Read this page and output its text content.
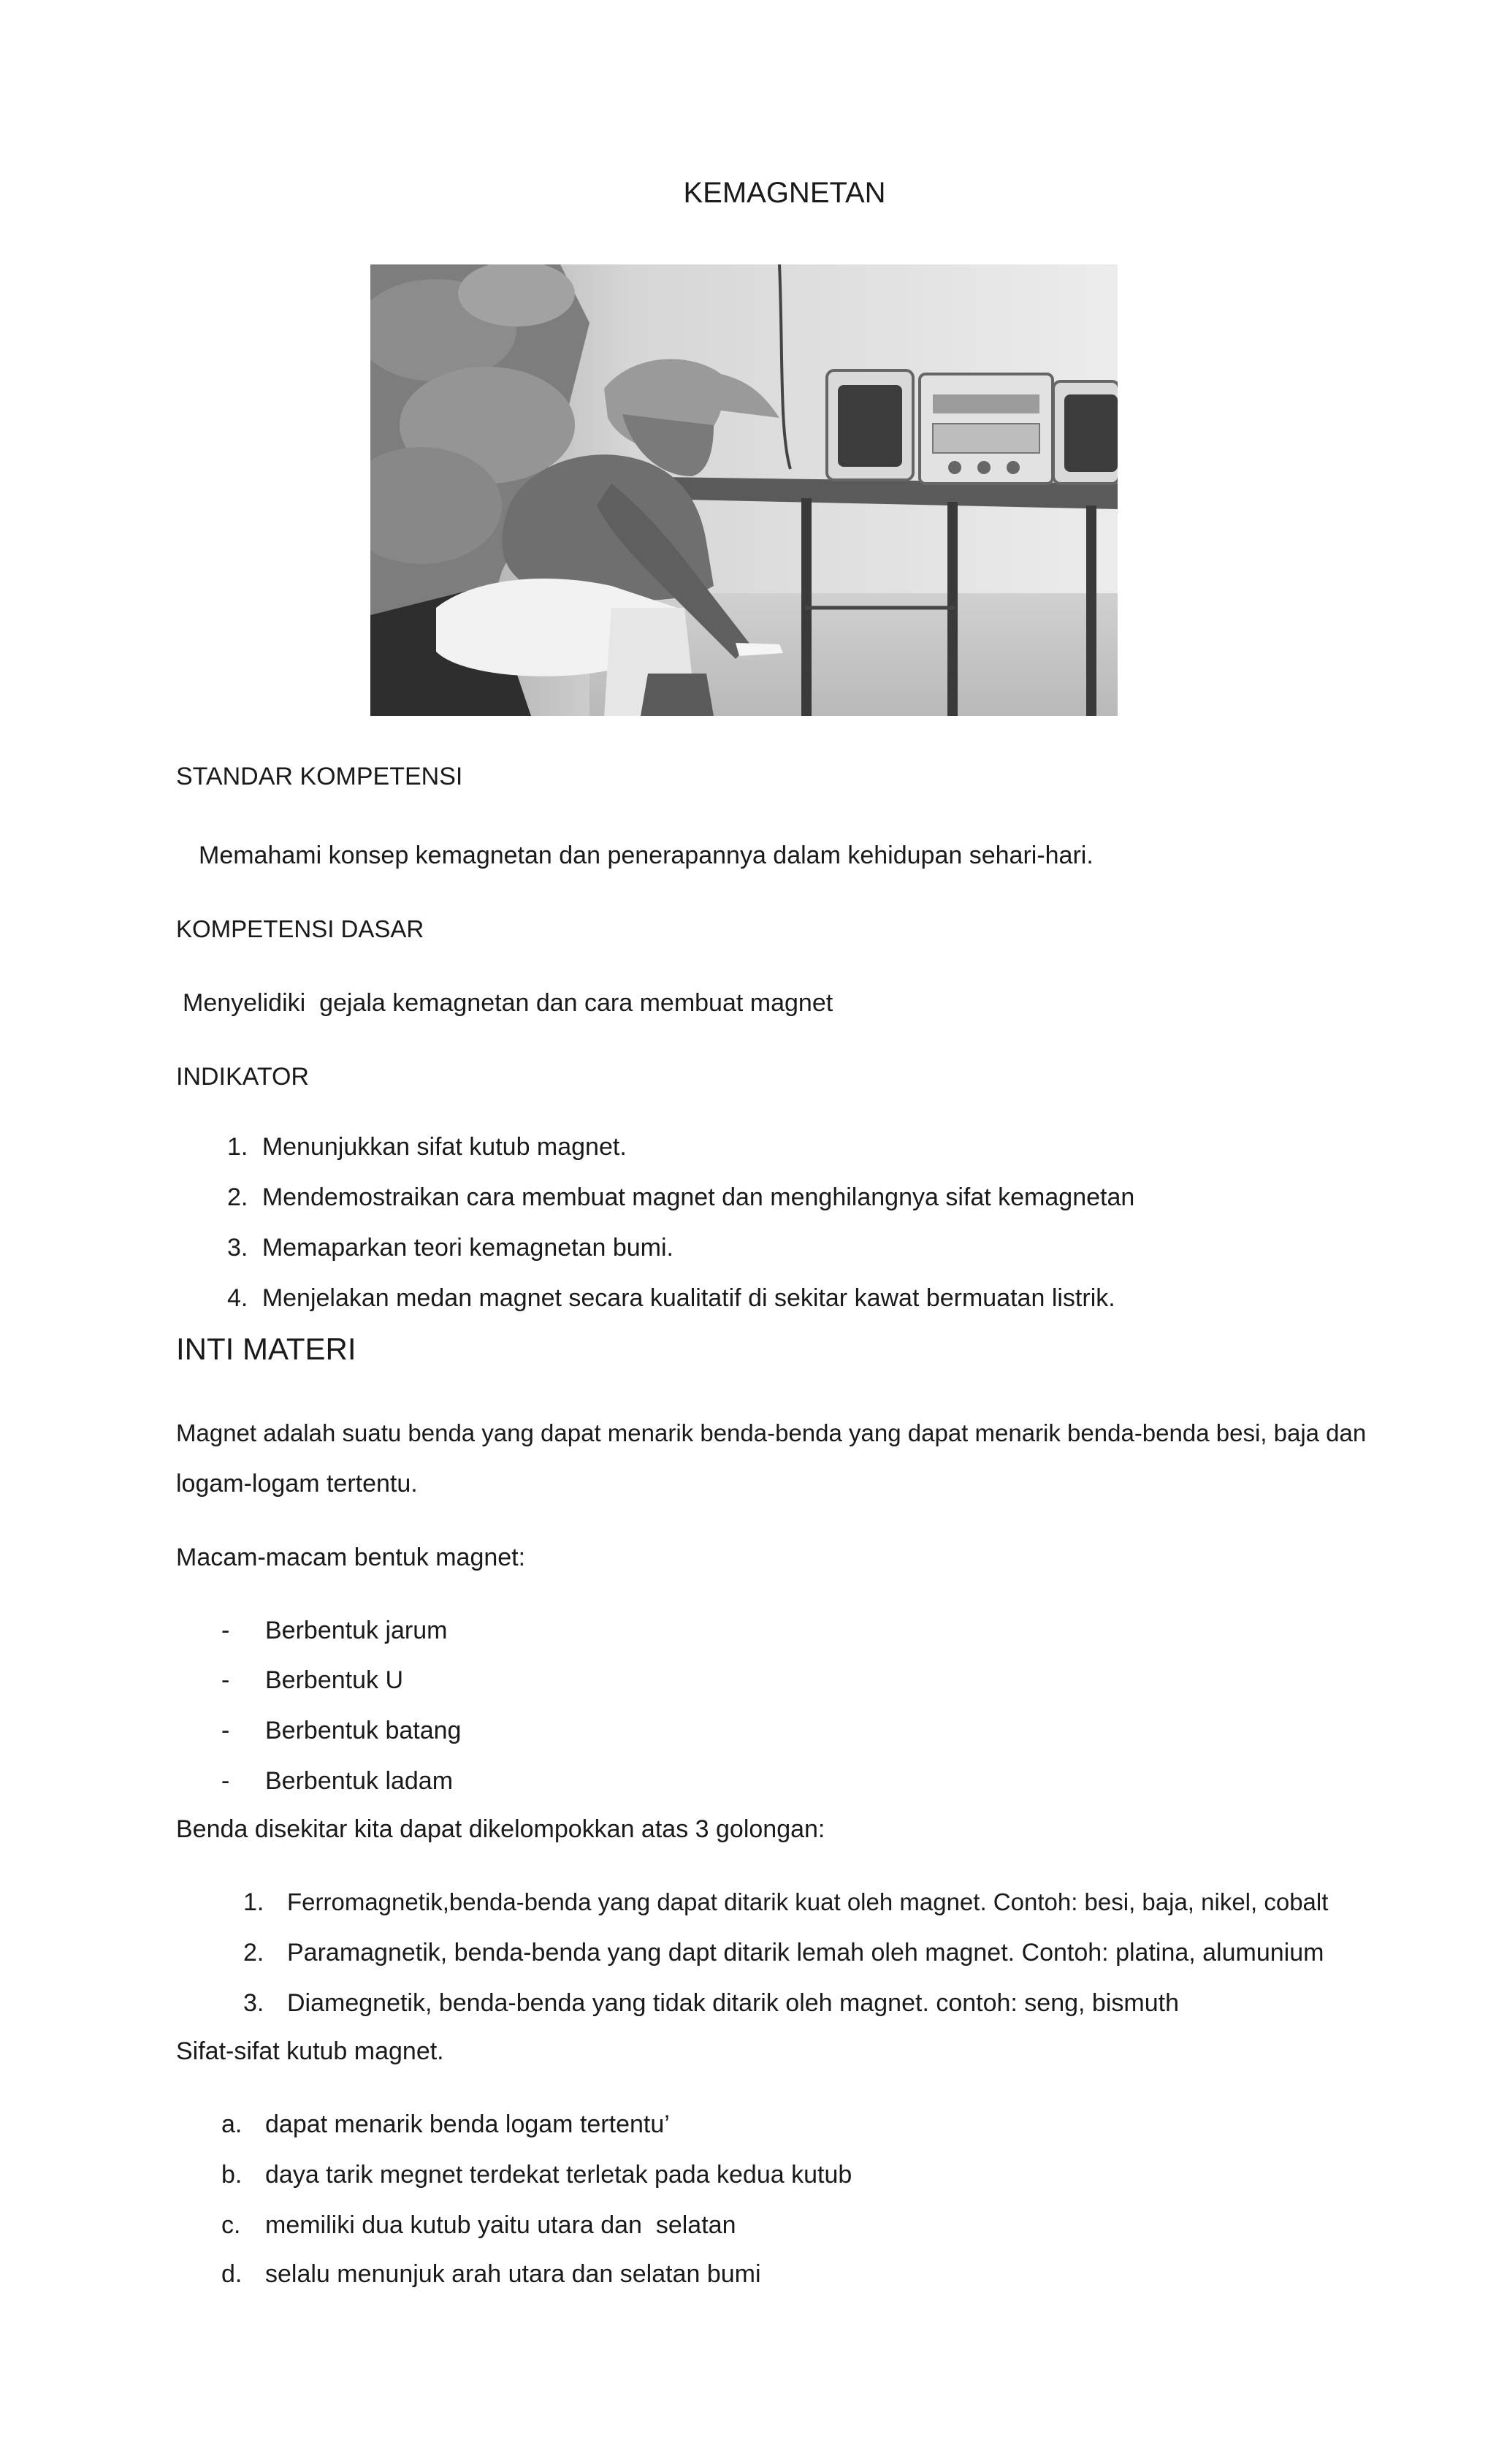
KEMAGNETAN
STANDAR KOMPETENSI
Memahami konsep kemagnetan dan penerapannya dalam kehidupan sehari-hari.
KOMPETENSI DASAR
Menyelidiki  gejala kemagnetan dan cara membuat magnet
INDIKATOR
1. Menunjukkan sifat kutub magnet.
2. Mendemostraikan cara membuat magnet dan menghilangnya sifat kemagnetan
3. Memaparkan teori kemagnetan bumi.
4. Menjelakan medan magnet secara kualitatif di sekitar kawat bermuatan listrik.
INTI MATERI
Magnet adalah suatu benda yang dapat menarik benda-benda yang dapat menarik benda-benda besi, baja dan
logam-logam tertentu.
Macam-macam bentuk magnet:
- Berbentuk jarum
- Berbentuk U
- Berbentuk batang
- Berbentuk ladam
Benda disekitar kita dapat dikelompokkan atas 3 golongan:
1. Ferromagnetik,benda-benda yang dapat ditarik kuat oleh magnet. Contoh: besi, baja, nikel, cobalt
2. Paramagnetik, benda-benda yang dapt ditarik lemah oleh magnet. Contoh: platina, alumunium
3. Diamegnetik, benda-benda yang tidak ditarik oleh magnet. contoh: seng, bismuth
Sifat-sifat kutub magnet.
a. dapat menarik benda logam tertentu’
b. daya tarik megnet terdekat terletak pada kedua kutub
c. memiliki dua kutub yaitu utara dan  selatan
d. selalu menunjuk arah utara dan selatan bumi
